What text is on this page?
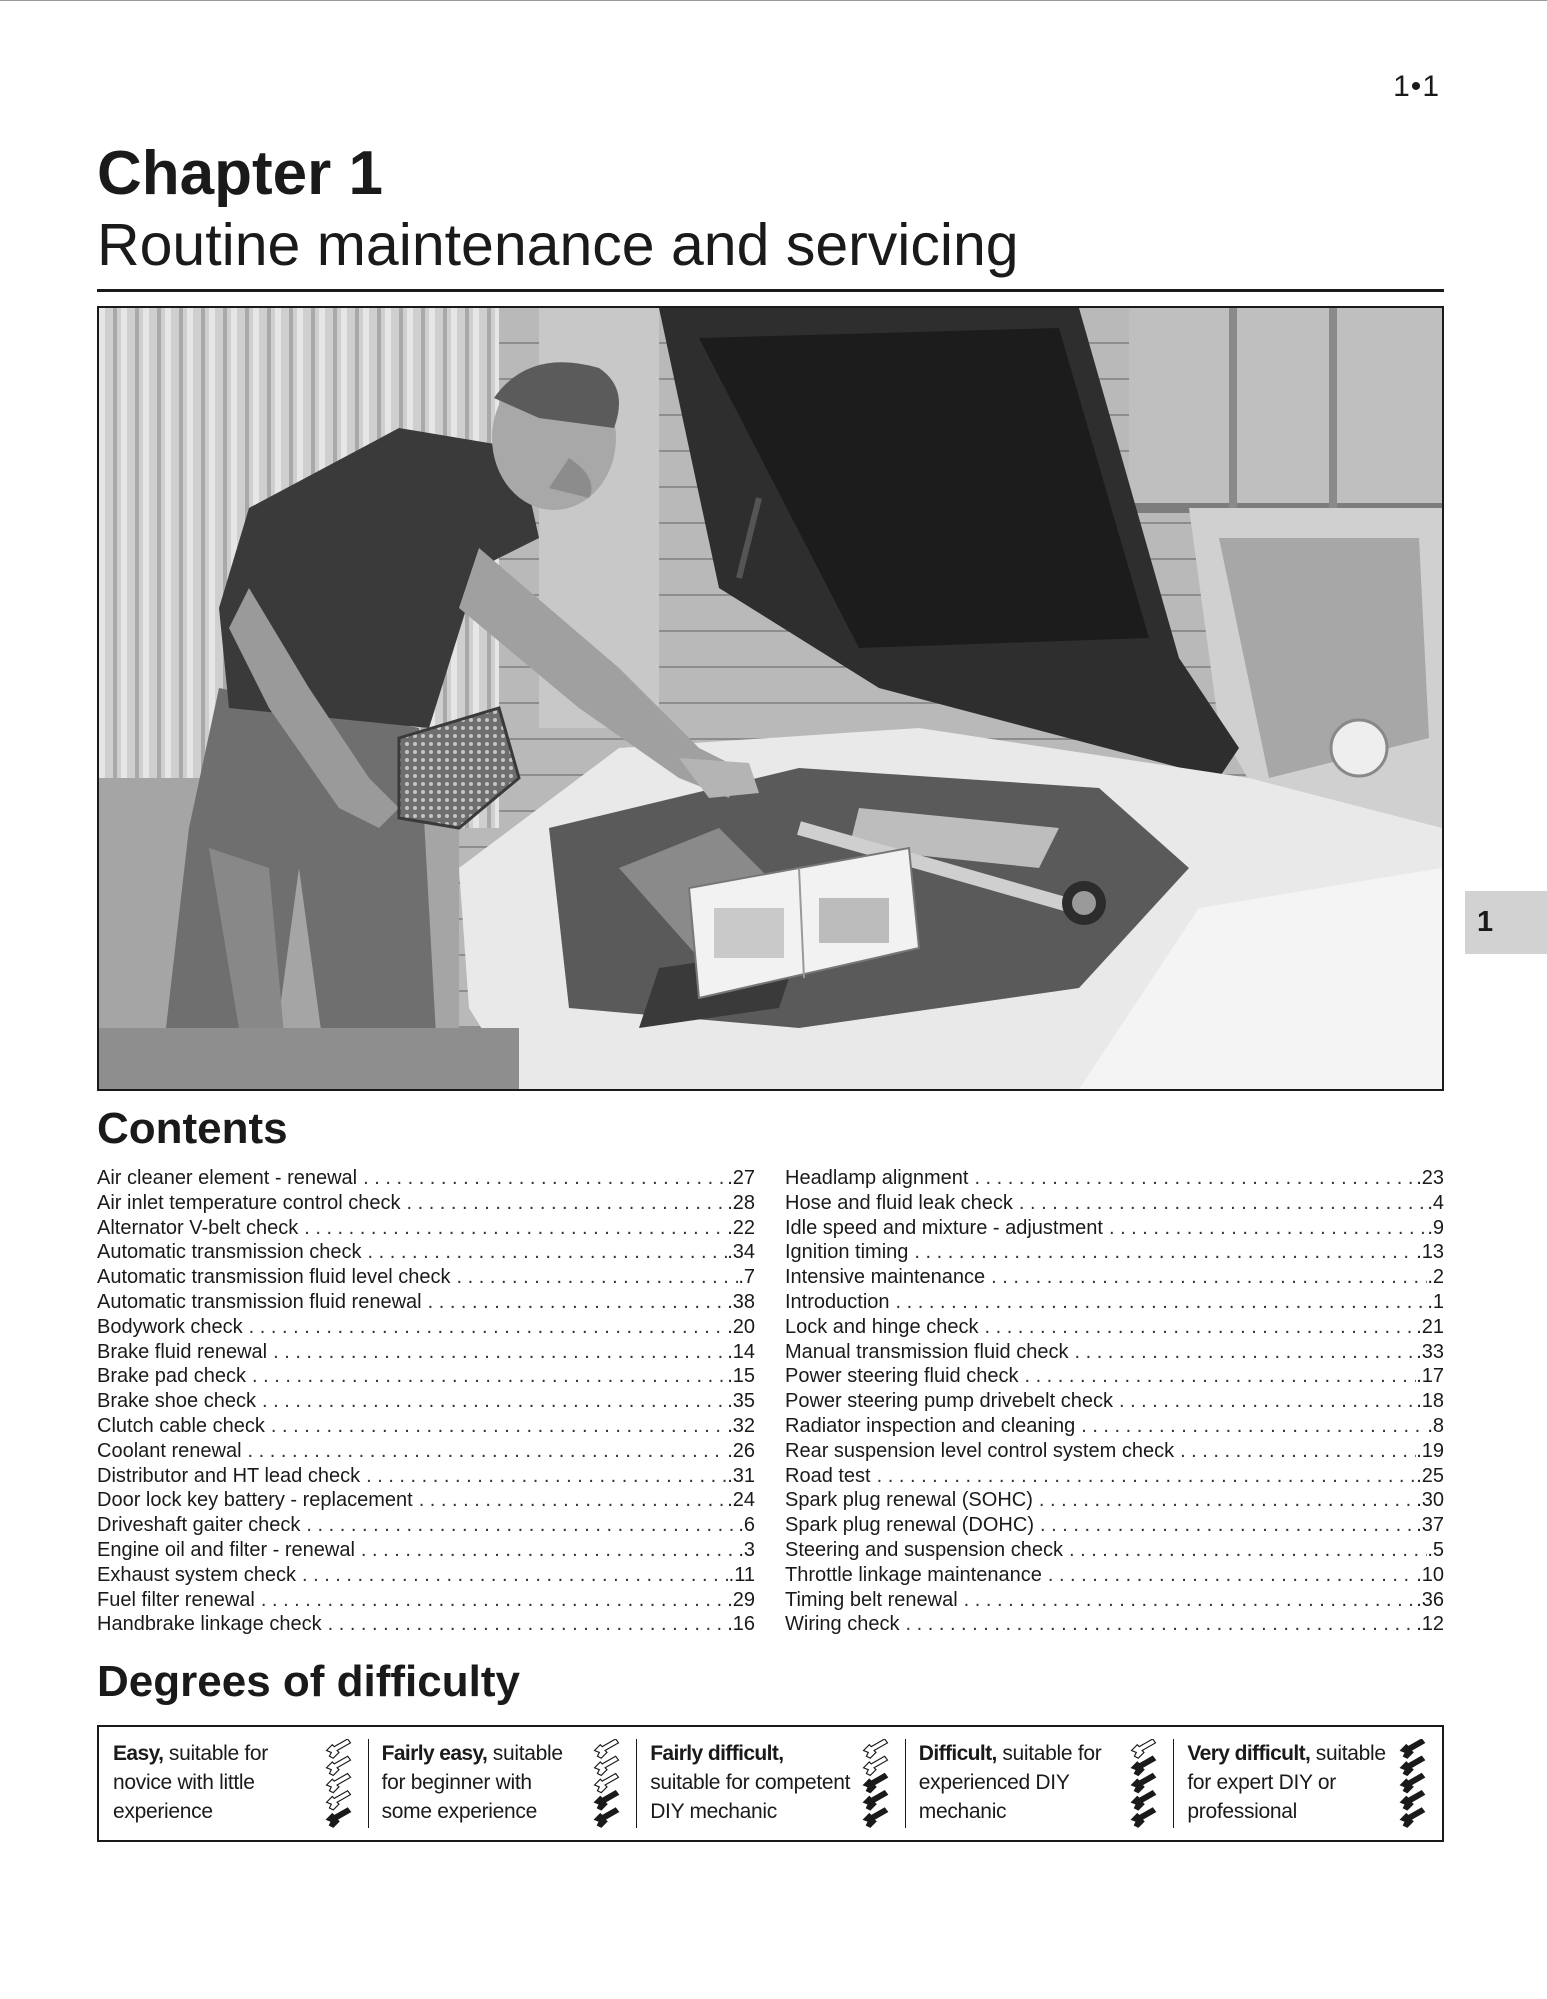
1•1
Chapter 1
Routine maintenance and servicing
1
Contents
Air cleaner element - renewal . . .	.27
Air inlet temperature control check . . .	.28
Alternator V-belt check . . .	.22
Automatic transmission check . . .	.34
Automatic transmission fluid level check . . .	.7
Automatic transmission fluid renewal . . .	.38
Bodywork check . . .	.20
Brake fluid renewal . . .	.14
Brake pad check . . .	.15
Brake shoe check . . .	.35
Clutch cable check . . .	.32
Coolant renewal . . .	.26
Distributor and HT lead check . . .	.31
Door lock key battery - replacement . . .	.24
Driveshaft gaiter check . . .	.6
Engine oil and filter - renewal . . .	.3
Exhaust system check . . .	.11
Fuel filter renewal . . .	.29
Handbrake linkage check . . .	.16
Headlamp alignment . . .	.23
Hose and fluid leak check . . .	.4
Idle speed and mixture - adjustment . . .	.9
Ignition timing . . .	.13
Intensive maintenance . . .	.2
Introduction . . .	.1
Lock and hinge check . . .	.21
Manual transmission fluid check . . .	.33
Power steering fluid check . . .	.17
Power steering pump drivebelt check . . .	.18
Radiator inspection and cleaning . . .	.8
Rear suspension level control system check . . .	.19
Road test . . .	.25
Spark plug renewal (SOHC) . . .	.30
Spark plug renewal (DOHC) . . .	.37
Steering and suspension check . . .	.5
Throttle linkage maintenance . . .	.10
Timing belt renewal . . .	.36
Wiring check . . .	.12
Degrees of difficulty
Easy, suitable for novice with little experience
Fairly easy, suitable for beginner with some experience
Fairly difficult, suitable for competent DIY mechanic
Difficult, suitable for experienced DIY mechanic
Very difficult, suitable for expert DIY or professional
